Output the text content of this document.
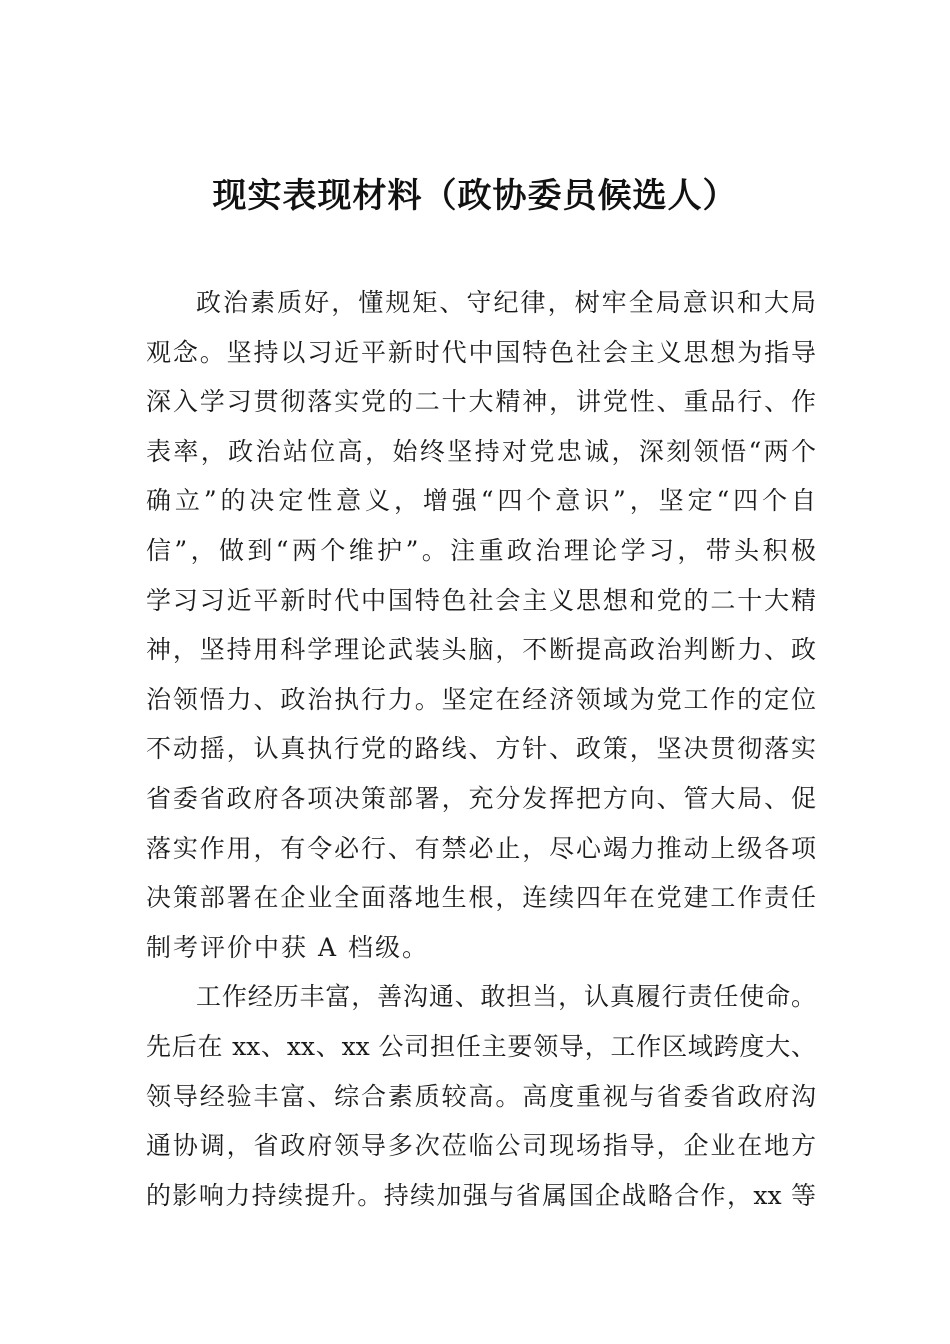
现实表现材料（政协委员候选人）
政治素质好，懂规矩、守纪律，树牢全局意识和大局
观念。坚持以习近平新时代中国特色社会主义思想为指导
深入学习贯彻落实党的二十大精神，讲党性、重品行、作
表率，政治站位高，始终坚持对党忠诚，深刻领悟“两个
确立”的决定性意义，增强“四个意识”，坚定“四个自
信”，做到“两个维护”。注重政治理论学习，带头积极
学习习近平新时代中国特色社会主义思想和党的二十大精
神，坚持用科学理论武装头脑，不断提高政治判断力、政
治领悟力、政治执行力。坚定在经济领域为党工作的定位
不动摇，认真执行党的路线、方针、政策，坚决贯彻落实
省委省政府各项决策部署，充分发挥把方向、管大局、促
落实作用，有令必行、有禁必止，尽心竭力推动上级各项
决策部署在企业全面落地生根，连续四年在党建工作责任
制考评价中获 A 档级。
工作经历丰富，善沟通、敢担当，认真履行责任使命。
先后在 xx、xx、xx 公司担任主要领导，工作区域跨度大、
领导经验丰富、综合素质较高。高度重视与省委省政府沟
通协调，省政府领导多次莅临公司现场指导，企业在地方
的影响力持续提升。持续加强与省属国企战略合作，xx 等
